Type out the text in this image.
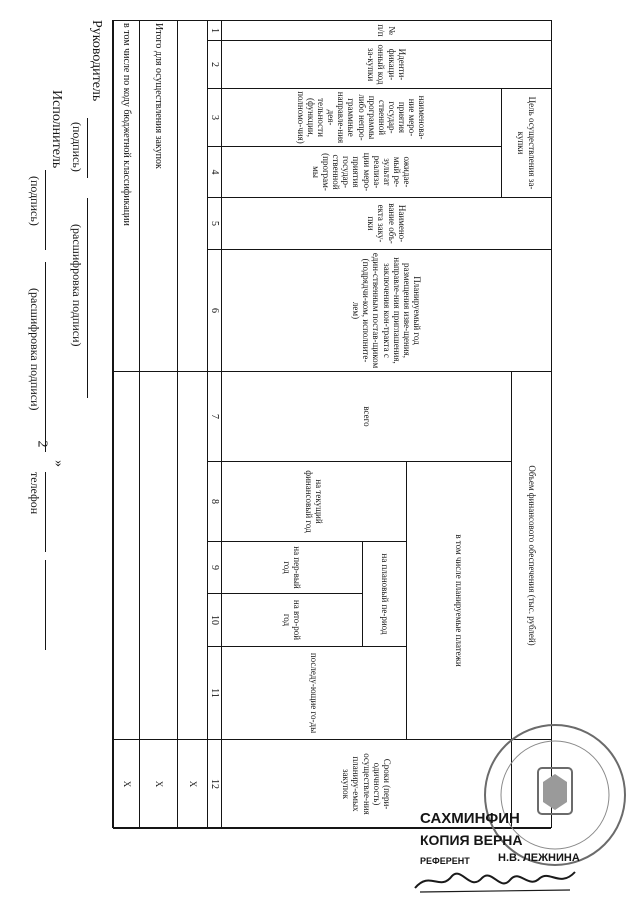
2
№ п/п
Иденти-фикаци-онный код за-купки
Цель осуществления за-купки
наименова-ние меро-приятия государ-ственной программы либо непро-граммные направле-ния дея-тельности (функции, полномо-чия)
ожидае-мый ре-зультат реализа-ции меро-приятия государ-ственной (програм-мы
Наимено-вание объ-екта заку-пки
Планируемый год размещения изве-щения, направле-ния приглашения, заключения кон-тракта с един-ственным постав-щиком (подрядчи-ком, исполните-лем)
Объем финансового обеспечения (тыс. рублей)
всего
в том числе планируемые платежи
на текущий финансовый год
на плановый пе-риод
на пер-вый год
на вто-рой год
последу-ющие го-ды
Сроки (пери-одичность) осуществле-ния планиру-емых закупок
1
2
3
4
5
6
7
8
9
10
11
12
X
Итого для осуществления закупок
X
в том числе по коду бюджетной классификации
X
Руководитель
(подпись)
(расшифровка подписи)
Исполнитель
(подпись)
(расшифровка подписи)
»
телефон
САХМИНФИН
КОПИЯ ВЕРНА
РЕФЕРЕНТ	Н.В. ЛЕЖНИНА
